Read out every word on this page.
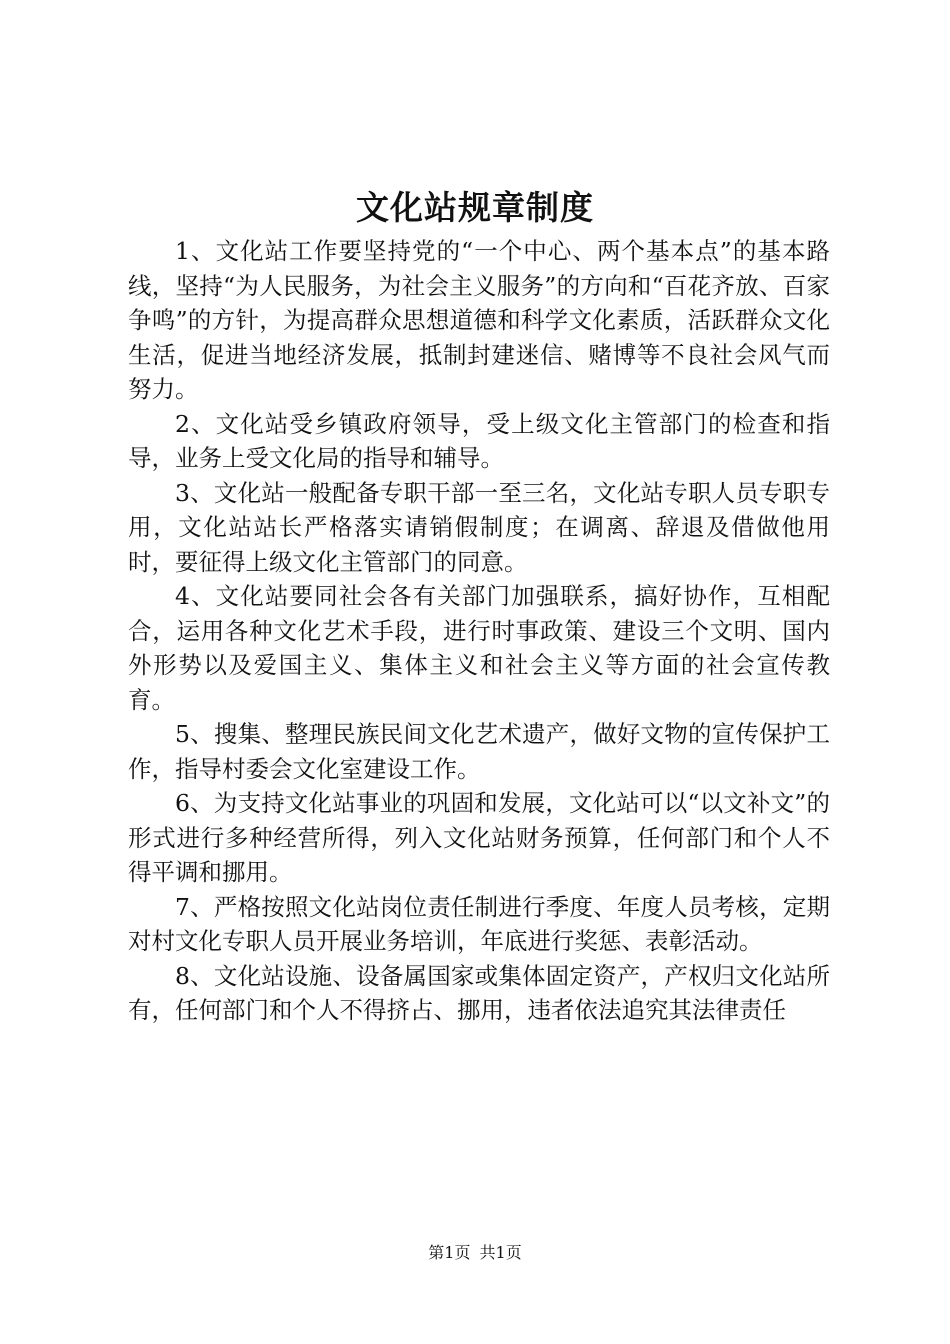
文化站规章制度

1、文化站工作要坚持党的“一个中心、两个基本点”的基本路线，坚持“为人民服务，为社会主义服务”的方向和“百花齐放、百家争鸣”的方针，为提高群众思想道德和科学文化素质，活跃群众文化生活，促进当地经济发展，抵制封建迷信、赌博等不良社会风气而努力。

2、文化站受乡镇政府领导，受上级文化主管部门的检查和指导，业务上受文化局的指导和辅导。

3、文化站一般配备专职干部一至三名，文化站专职人员专职专用，文化站站长严格落实请销假制度；在调离、辞退及借做他用时，要征得上级文化主管部门的同意。

4、文化站要同社会各有关部门加强联系，搞好协作，互相配合，运用各种文化艺术手段，进行时事政策、建设三个文明、国内外形势以及爱国主义、集体主义和社会主义等方面的社会宣传教育。

5、搜集、整理民族民间文化艺术遗产，做好文物的宣传保护工作，指导村委会文化室建设工作。

6、为支持文化站事业的巩固和发展，文化站可以“以文补文”的形式进行多种经营所得，列入文化站财务预算，任何部门和个人不得平调和挪用。

7、严格按照文化站岗位责任制进行季度、年度人员考核，定期对村文化专职人员开展业务培训，年底进行奖惩、表彰活动。

8、文化站设施、设备属国家或集体固定资产，产权归文化站所有，任何部门和个人不得挤占、挪用，违者依法追究其法律责任

第1页 共1页
